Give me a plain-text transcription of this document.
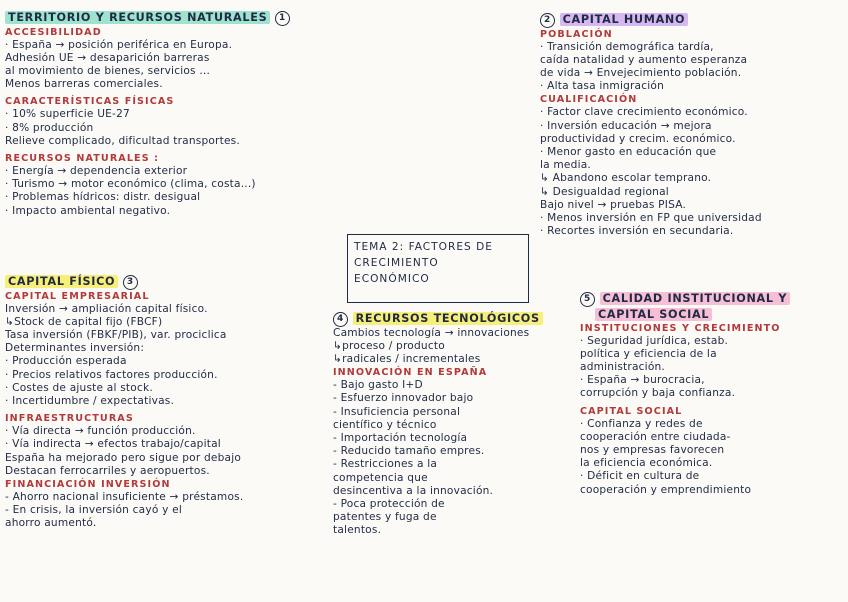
TERRITORIO Y RECURSOS NATURALES 1
ACCESIBILIDAD
· España → posición periférica en Europa.
Adhesión UE → desaparición barreras
al movimiento de bienes, servicios ...
Menos barreras comerciales.
CARACTERÍSTICAS FÍSICAS
· 10% superficie UE-27
· 8% producción
Relieve complicado, dificultad transportes.
RECURSOS NATURALES :
· Energía → dependencia exterior
· Turismo → motor económico (clima, costa...)
· Problemas hídricos: distr. desigual
· Impacto ambiental negativo.
CAPITAL FÍSICO 3
CAPITAL EMPRESARIAL
Inversión → ampliación capital físico.
↳Stock de capital fijo (FBCF)
Tasa inversión (FBKF/PIB), var. prociclica
Determinantes inversión:
· Producción esperada
· Precios relativos factores producción.
· Costes de ajuste al stock.
· Incertidumbre / expectativas.
INFRAESTRUCTURAS
· Vía directa → función producción.
· Vía indirecta → efectos trabajo/capital
España ha mejorado pero sigue por debajo
Destacan ferrocarriles y aeropuertos.
FINANCIACIÓN INVERSIÓN
- Ahorro nacional insuficiente → préstamos.
- En crisis, la inversión cayó y el
ahorro aumentó.
TEMA 2: FACTORES DE
CRECIMIENTO
ECONÓMICO
4 RECURSOS TECNOLÓGICOS
Cambios tecnología → innovaciones
↳proceso / producto
↳radicales / incrementales
INNOVACIÓN EN ESPAÑA
- Bajo gasto I+D
- Esfuerzo innovador bajo
- Insuficiencia personal
científico y técnico
- Importación tecnología
- Reducido tamaño empres.
- Restricciones a la
competencia que
desincentiva a la innovación.
- Poca protección de
patentes y fuga de
talentos.
2 CAPITAL HUMANO
POBLACIÓN
· Transición demográfica tardía,
caída natalidad y aumento esperanza
de vida → Envejecimiento población.
· Alta tasa inmigración
CUALIFICACIÓN
· Factor clave crecimiento económico.
· Inversión educación → mejora
productividad y crecim. económico.
· Menor gasto en educación que
la media.
↳ Abandono escolar temprano.
↳ Desigualdad regional
Bajo nivel → pruebas PISA.
· Menos inversión en FP que universidad
· Recortes inversión en secundaria.
5 CALIDAD INSTITUCIONAL Y
CAPITAL SOCIAL
INSTITUCIONES Y CRECIMIENTO
· Seguridad jurídica, estab.
política y eficiencia de la
administración.
· España → burocracia,
corrupción y baja confianza.
CAPITAL SOCIAL
· Confianza y redes de
cooperación entre ciudada-
nos y empresas favorecen
la eficiencia económica.
· Déficit en cultura de
cooperación y emprendimiento
